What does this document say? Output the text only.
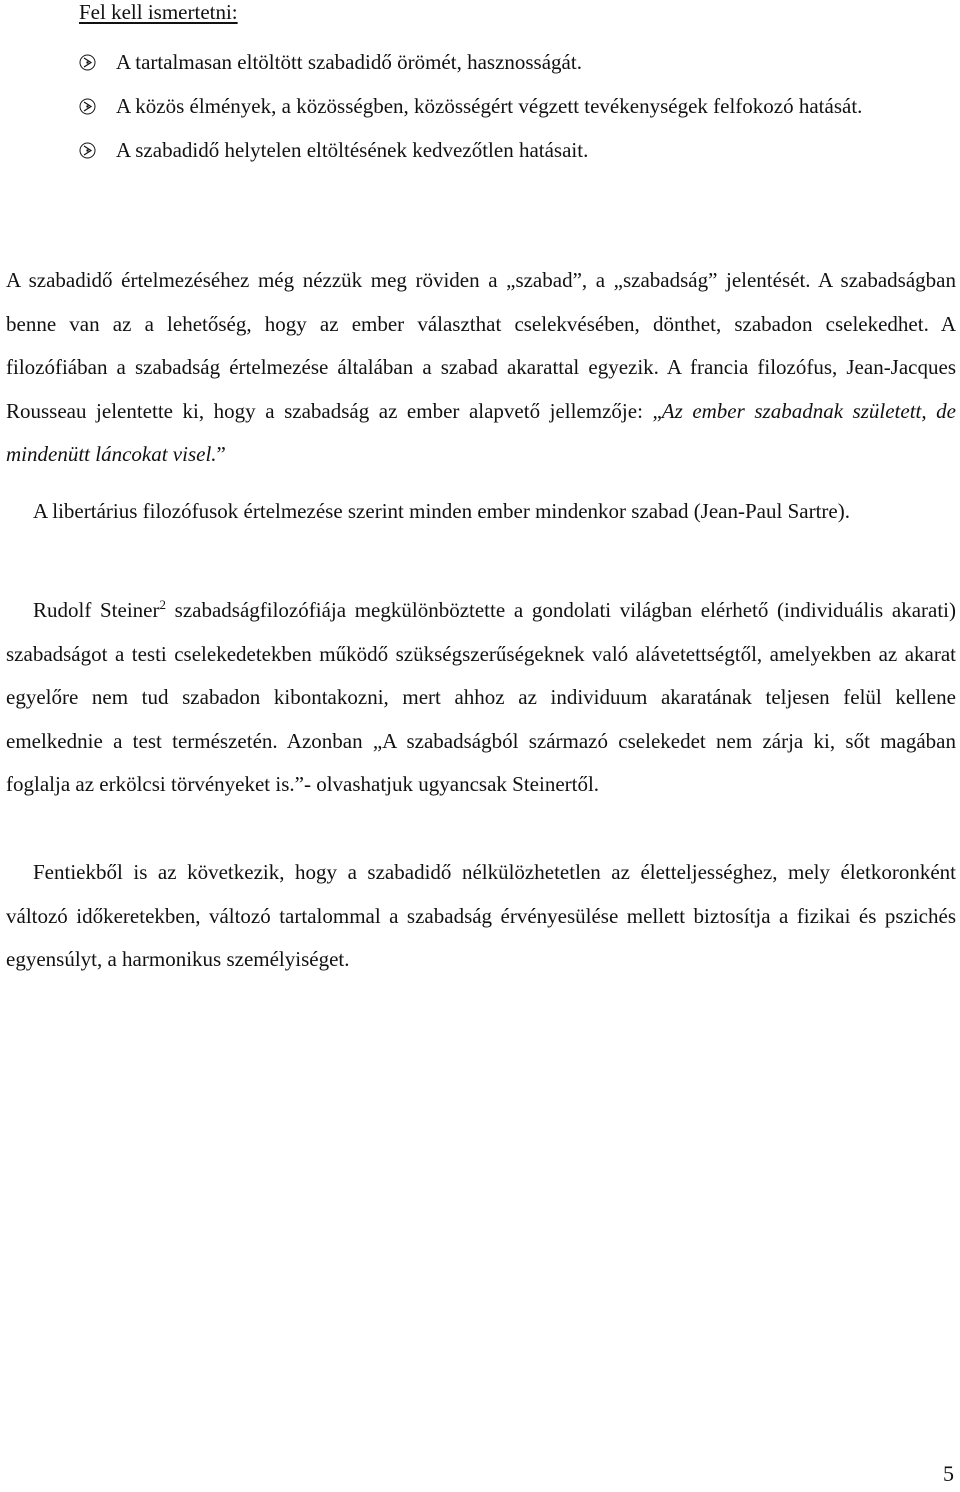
Fel kell ismertetni:
A tartalmasan eltöltött szabadidő örömét, hasznosságát.
A közös élmények, a közösségben, közösségért végzett tevékenységek felfokozó hatását.
A szabadidő helytelen eltöltésének kedvezőtlen hatásait.

A szabadidő értelmezéséhez még nézzük meg röviden a „szabad”, a „szabadság” jelentését. A szabadságban benne van az a lehetőség, hogy az ember választhat cselekvésében, dönthet, szabadon cselekedhet. A filozófiában a szabadság értelmezése általában a szabad akarattal egyezik. A francia filozófus, Jean-Jacques Rousseau jelentette ki, hogy a szabadság az ember alapvető jellemzője: „Az ember szabadnak született, de mindenütt láncokat visel.”

A libertárius filozófusok értelmezése szerint minden ember mindenkor szabad (Jean-Paul Sartre).

Rudolf Steiner$^2$ szabadságfilozófiája megkülönböztette a gondolati világban elérhető (individuális akarati) szabadságot a testi cselekedetekben működő szükségszerűségeknek való alávetettségtől, amelyekben az akarat egyelőre nem tud szabadon kibontakozni, mert ahhoz az individuum akaratának teljesen felül kellene emelkednie a test természetén. Azonban „A szabadságból származó cselekedet nem zárja ki, sőt magában foglalja az erkölcsi törvényeket is.”- olvashatjuk ugyancsak Steinertől.

Fentiekből is az következik, hogy a szabadidő nélkülözhetetlen az életteljességhez, mely életkoronként változó időkeretekben, változó tartalommal a szabadság érvényesülése mellett biztosítja a fizikai és pszichés egyensúlyt, a harmonikus személyiséget.

5
